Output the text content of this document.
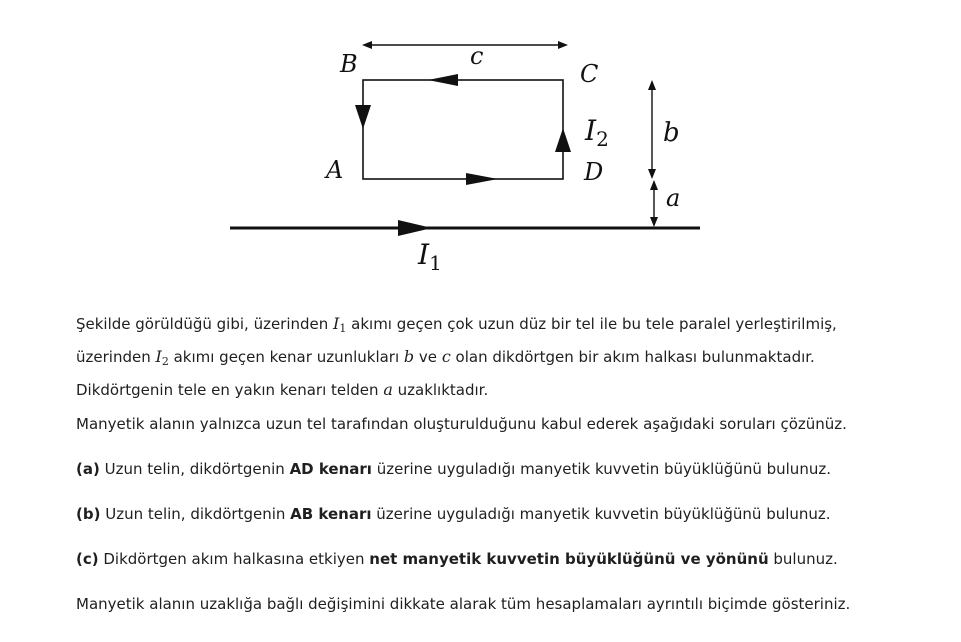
B	C
A	D
c
b
a
$I_2$
$I_1$
Şekilde görüldüğü gibi, üzerinden $I_1$ akımı geçen çok uzun düz bir tel ile bu tele paralel yerleştirilmiş,
üzerinden $I_2$ akımı geçen kenar uzunlukları b ve c olan dikdörtgen bir akım halkası bulunmaktadır.
Dikdörtgenin tele en yakın kenarı telden a uzaklıktadır.
Manyetik alanın yalnızca uzun tel tarafından oluşturulduğunu kabul ederek aşağıdaki soruları çözünüz.
(a) Uzun telin, dikdörtgenin AD kenarı üzerine uyguladığı manyetik kuvvetin büyüklüğünü bulunuz.
(b) Uzun telin, dikdörtgenin AB kenarı üzerine uyguladığı manyetik kuvvetin büyüklüğünü bulunuz.
(c) Dikdörtgen akım halkasına etkiyen net manyetik kuvvetin büyüklüğünü ve yönünü bulunuz.
Manyetik alanın uzaklığa bağlı değişimini dikkate alarak tüm hesaplamaları ayrıntılı biçimde gösteriniz.
